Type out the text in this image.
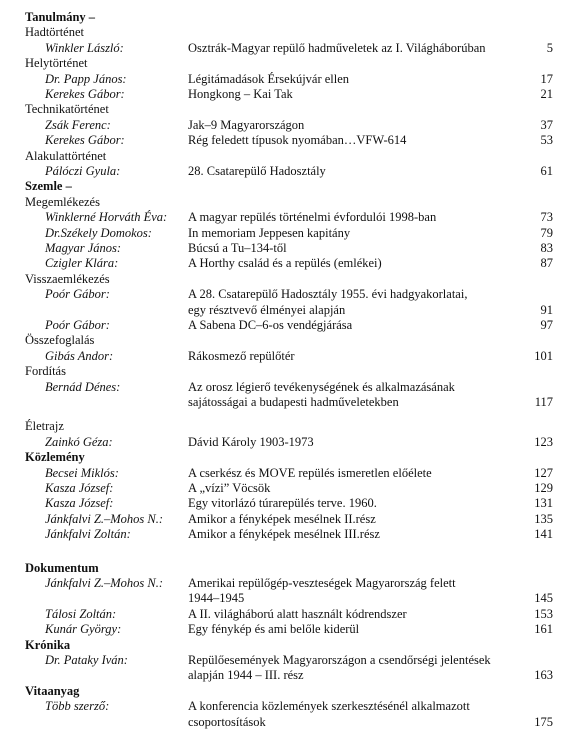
Tanulmány –
Hadtörténet
Winkler László:	Osztrák-Magyar repülő hadműveletek az I. Világháborúban	5
Helytörténet
Dr. Papp János:	Légitámadások Érsekújvár ellen	17
Kerekes Gábor:	Hongkong – Kai Tak	21
Technikatörténet
Zsák Ferenc:	Jak–9 Magyarországon	37
Kerekes Gábor:	Rég feledett típusok nyomában…VFW-614	53
Alakulattörténet
Pálóczi Gyula:	28. Csatarepülő Hadosztály	61
Szemle –
Megemlékezés
Winklerné Horváth Éva: A magyar repülés történelmi évfordulói 1998-ban	73
Dr.Székely Domokos:	In memoriam Jeppesen kapitány	79
Magyar János:	Búcsú a Tu–134-től	83
Czigler Klára:	A Horthy család és a repülés (emlékei)	87
Visszaemlékezés
Poór Gábor:	A 28. Csatarepülő Hadosztály 1955. évi hadgyakorlatai,
egy résztvevő élményei alapján	91
Poór Gábor:	A Sabena DC–6-os vendégjárása	97
Összefoglalás
Gibás Andor:	Rákosmező repülőtér	101
Fordítás
Bernád Dénes:	Az orosz légierő tevékenységének és alkalmazásának
sajátosságai a budapesti hadműveletekben	117
Életrajz
Zainkó Géza:	Dávid Károly 1903-1973	123
Közlemény
Becsei Miklós:	A cserkész és MOVE repülés ismeretlen előélete	127
Kasza József:	A „vízi” Vöcsök	129
Kasza József:	Egy vitorlázó túrarepülés terve. 1960.	131
Jánkfalvi Z.–Mohos N.: Amikor a fényképek mesélnek II.rész	135
Jánkfalvi Zoltán:	Amikor a fényképek mesélnek III.rész	141
Dokumentum
Jánkfalvi Z.–Mohos N.: Amerikai repülőgép-veszteségek Magyarország felett
1944–1945	145
Tálosi Zoltán:	A II. világháború alatt használt kódrendszer	153
Kunár György:	Egy fénykép és ami belőle kiderül	161
Krónika
Dr. Pataky Iván:	Repülőesemények Magyarországon a csendőrségi jelentések
alapján 1944 – III. rész	163
Vitaanyag
Több szerző:	A konferencia közlemények szerkesztésénél alkalmazott
csoportosítások	175
